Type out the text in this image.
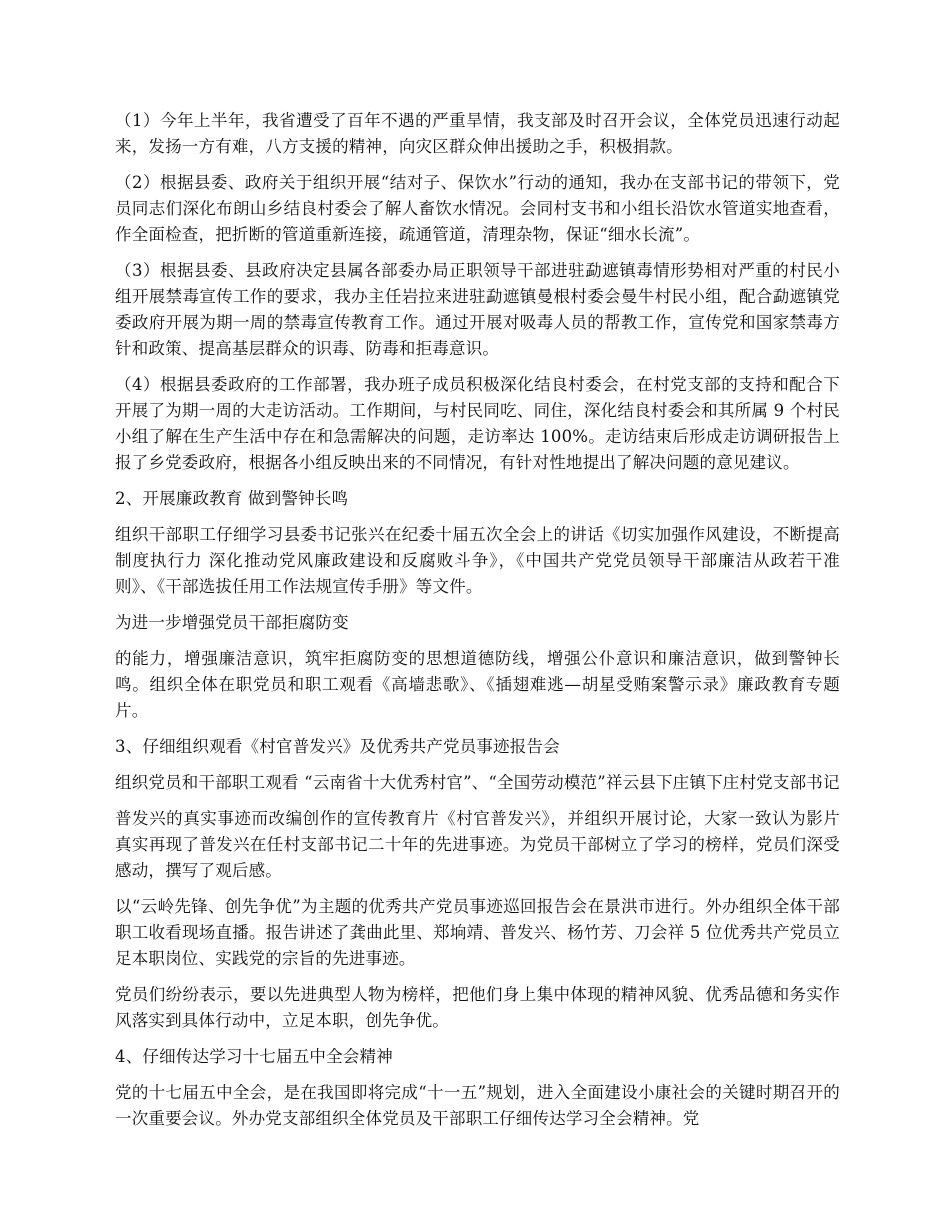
（1）今年上半年，我省遭受了百年不遇的严重旱情，我支部及时召开会议，全体党员迅速行动起来，发扬一方有难，八方支援的精神，向灾区群众伸出援助之手，积极捐款。

（2）根据县委、政府关于组织开展“结对子、保饮水”行动的通知，我办在支部书记的带领下，党员同志们深化布朗山乡结良村委会了解人畜饮水情况。会同村支书和小组长沿饮水管道实地查看，作全面检查，把折断的管道重新连接，疏通管道，清理杂物，保证“细水长流”。

（3）根据县委、县政府决定县属各部委办局正职领导干部进驻勐遮镇毒情形势相对严重的村民小组开展禁毒宣传工作的要求，我办主任岩拉来进驻勐遮镇曼根村委会曼牛村民小组，配合勐遮镇党委政府开展为期一周的禁毒宣传教育工作。通过开展对吸毒人员的帮教工作，宣传党和国家禁毒方针和政策、提高基层群众的识毒、防毒和拒毒意识。

（4）根据县委政府的工作部署，我办班子成员积极深化结良村委会，在村党支部的支持和配合下开展了为期一周的大走访活动。工作期间，与村民同吃、同住，深化结良村委会和其所属 9 个村民小组了解在生产生活中存在和急需解决的问题，走访率达 100%。走访结束后形成走访调研报告上报了乡党委政府，根据各小组反映出来的不同情况，有针对性地提出了解决问题的意见建议。

2、开展廉政教育 做到警钟长鸣

组织干部职工仔细学习县委书记张兴在纪委十届五次全会上的讲话《切实加强作风建设，不断提高制度执行力 深化推动党风廉政建设和反腐败斗争》，《中国共产党党员领导干部廉洁从政若干准则》、《干部选拔任用工作法规宣传手册》等文件。

为进一步增强党员干部拒腐防变

的能力，增强廉洁意识，筑牢拒腐防变的思想道德防线，增强公仆意识和廉洁意识，做到警钟长鸣。组织全体在职党员和职工观看《高墙悲歌》、《插翅难逃—胡星受贿案警示录》廉政教育专题片。

3、仔细组织观看《村官普发兴》及优秀共产党员事迹报告会

组织党员和干部职工观看 “云南省十大优秀村官”、“全国劳动模范”祥云县下庄镇下庄村党支部书记

普发兴的真实事迹而改编创作的宣传教育片《村官普发兴》，并组织开展讨论，大家一致认为影片真实再现了普发兴在任村支部书记二十年的先进事迹。为党员干部树立了学习的榜样，党员们深受感动，撰写了观后感。

以“云岭先锋、创先争优”为主题的优秀共产党员事迹巡回报告会在景洪市进行。外办组织全体干部职工收看现场直播。报告讲述了龚曲此里、郑垧靖、普发兴、杨竹芳、刀会祥 5 位优秀共产党员立足本职岗位、实践党的宗旨的先进事迹。

党员们纷纷表示，要以先进典型人物为榜样，把他们身上集中体现的精神风貌、优秀品德和务实作风落实到具体行动中，立足本职，创先争优。

4、仔细传达学习十七届五中全会精神

党的十七届五中全会，是在我国即将完成“十一五”规划，进入全面建设小康社会的关键时期召开的一次重要会议。外办党支部组织全体党员及干部职工仔细传达学习全会精神。党
